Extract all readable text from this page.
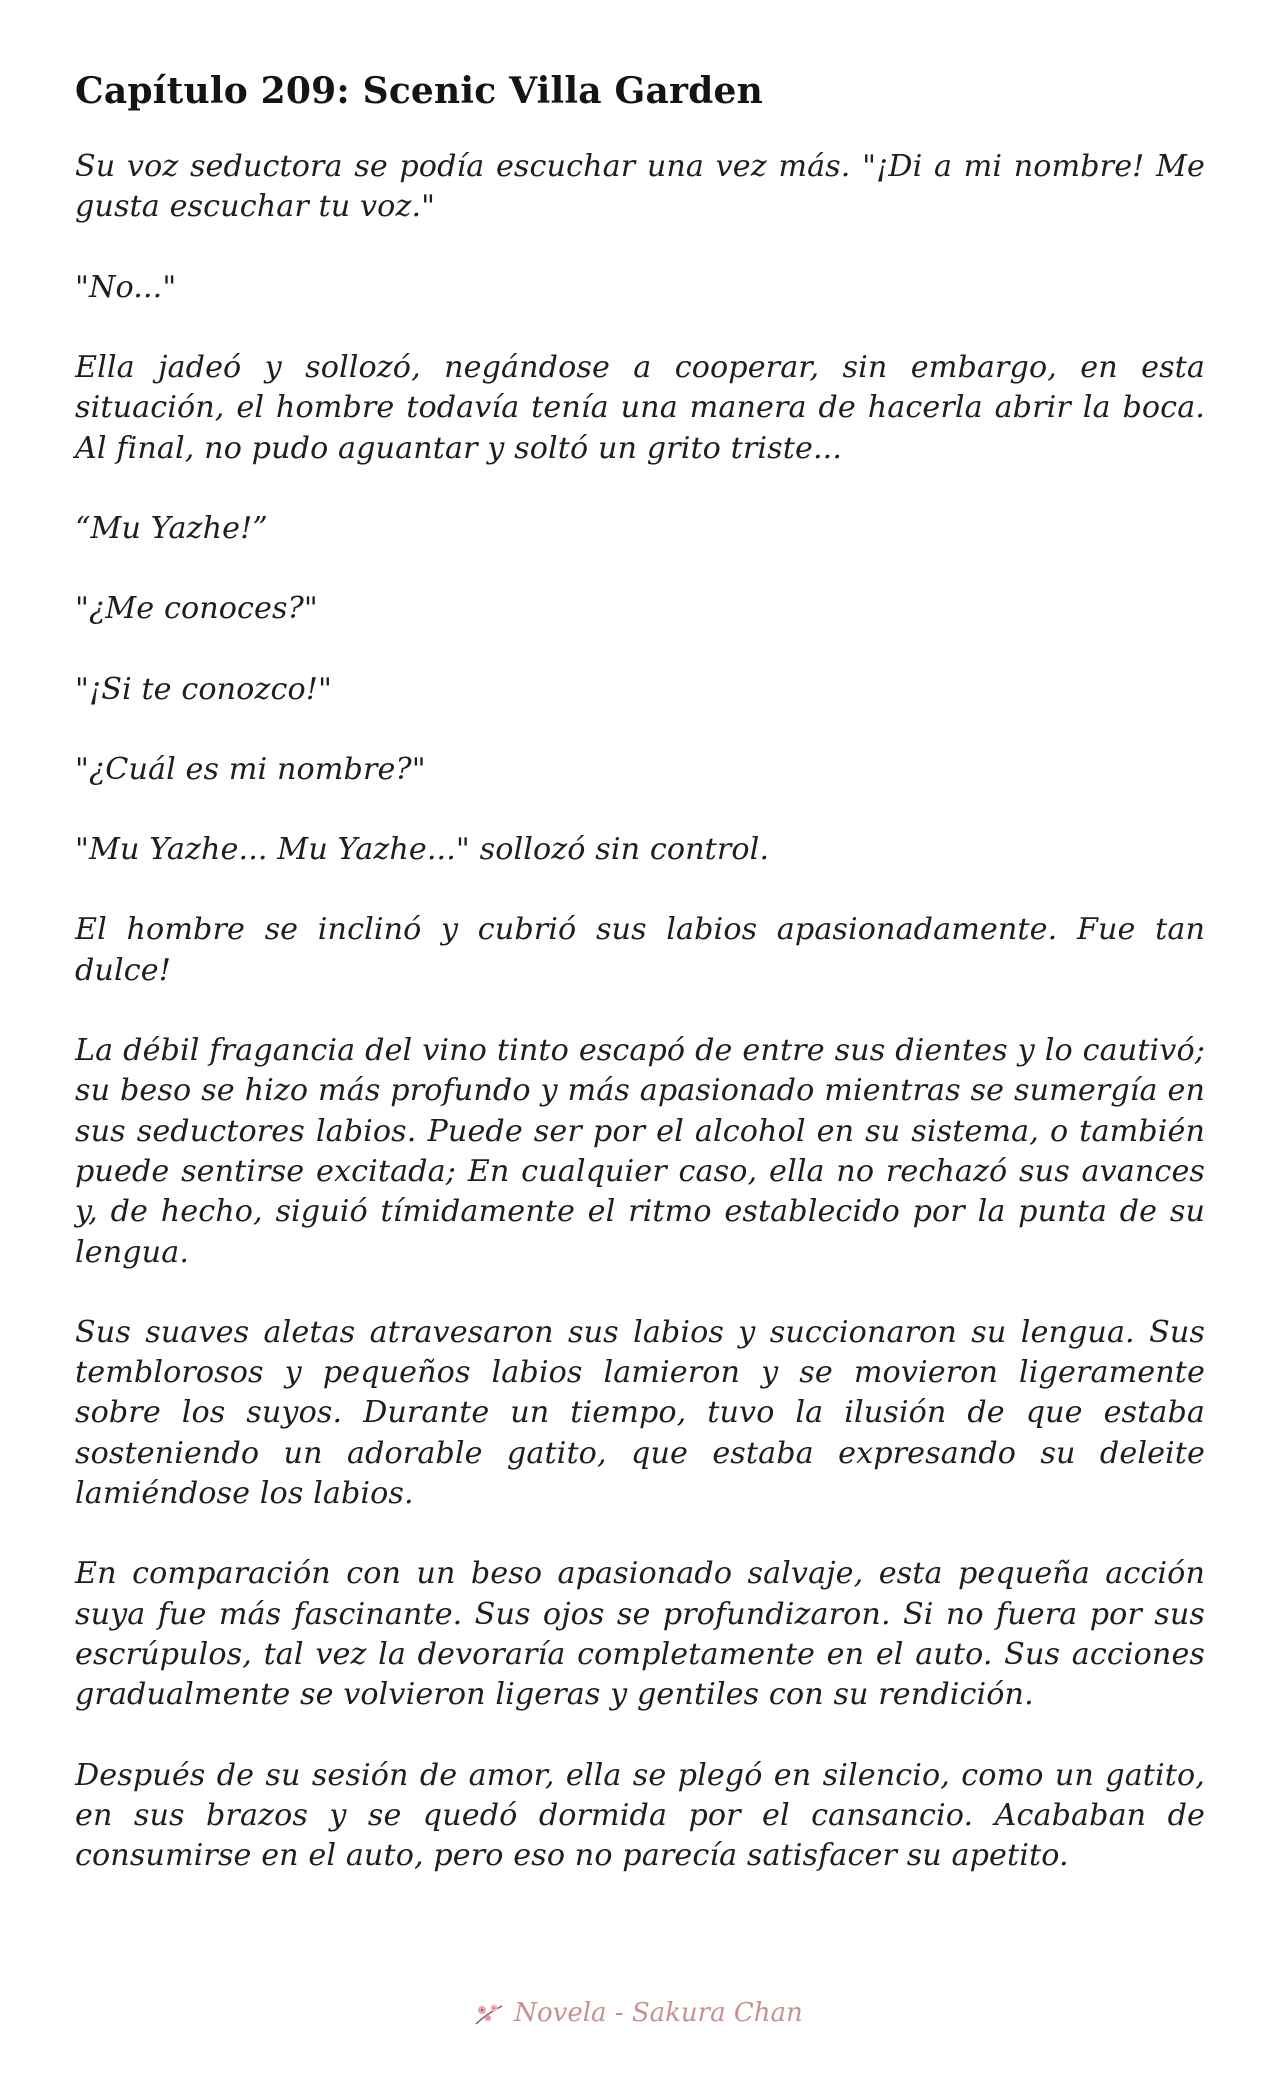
Capítulo 209: Scenic Villa Garden

Su voz seductora se podía escuchar una vez más. "¡Di a mi nombre! Me gusta escuchar tu voz."

"No..."

Ella jadeó y sollozó, negándose a cooperar, sin embargo, en esta situación, el hombre todavía tenía una manera de hacerla abrir la boca. Al final, no pudo aguantar y soltó un grito triste...

“Mu Yazhe!”

"¿Me conoces?"

"¡Si te conozco!"

"¿Cuál es mi nombre?"

"Mu Yazhe... Mu Yazhe..." sollozó sin control.

El hombre se inclinó y cubrió sus labios apasionadamente. Fue tan dulce!

La débil fragancia del vino tinto escapó de entre sus dientes y lo cautivó; su beso se hizo más profundo y más apasionado mientras se sumergía en sus seductores labios. Puede ser por el alcohol en su sistema, o también puede sentirse excitada; En cualquier caso, ella no rechazó sus avances y, de hecho, siguió tímidamente el ritmo establecido por la punta de su lengua.

Sus suaves aletas atravesaron sus labios y succionaron su lengua. Sus temblorosos y pequeños labios lamieron y se movieron ligeramente sobre los suyos. Durante un tiempo, tuvo la ilusión de que estaba sosteniendo un adorable gatito, que estaba expresando su deleite lamiéndose los labios.

En comparación con un beso apasionado salvaje, esta pequeña acción suya fue más fascinante. Sus ojos se profundizaron. Si no fuera por sus escrúpulos, tal vez la devoraría completamente en el auto. Sus acciones gradualmente se volvieron ligeras y gentiles con su rendición.

Después de su sesión de amor, ella se plegó en silencio, como un gatito, en sus brazos y se quedó dormida por el cansancio. Acababan de consumirse en el auto, pero eso no parecía satisfacer su apetito.

Novela - Sakura Chan
